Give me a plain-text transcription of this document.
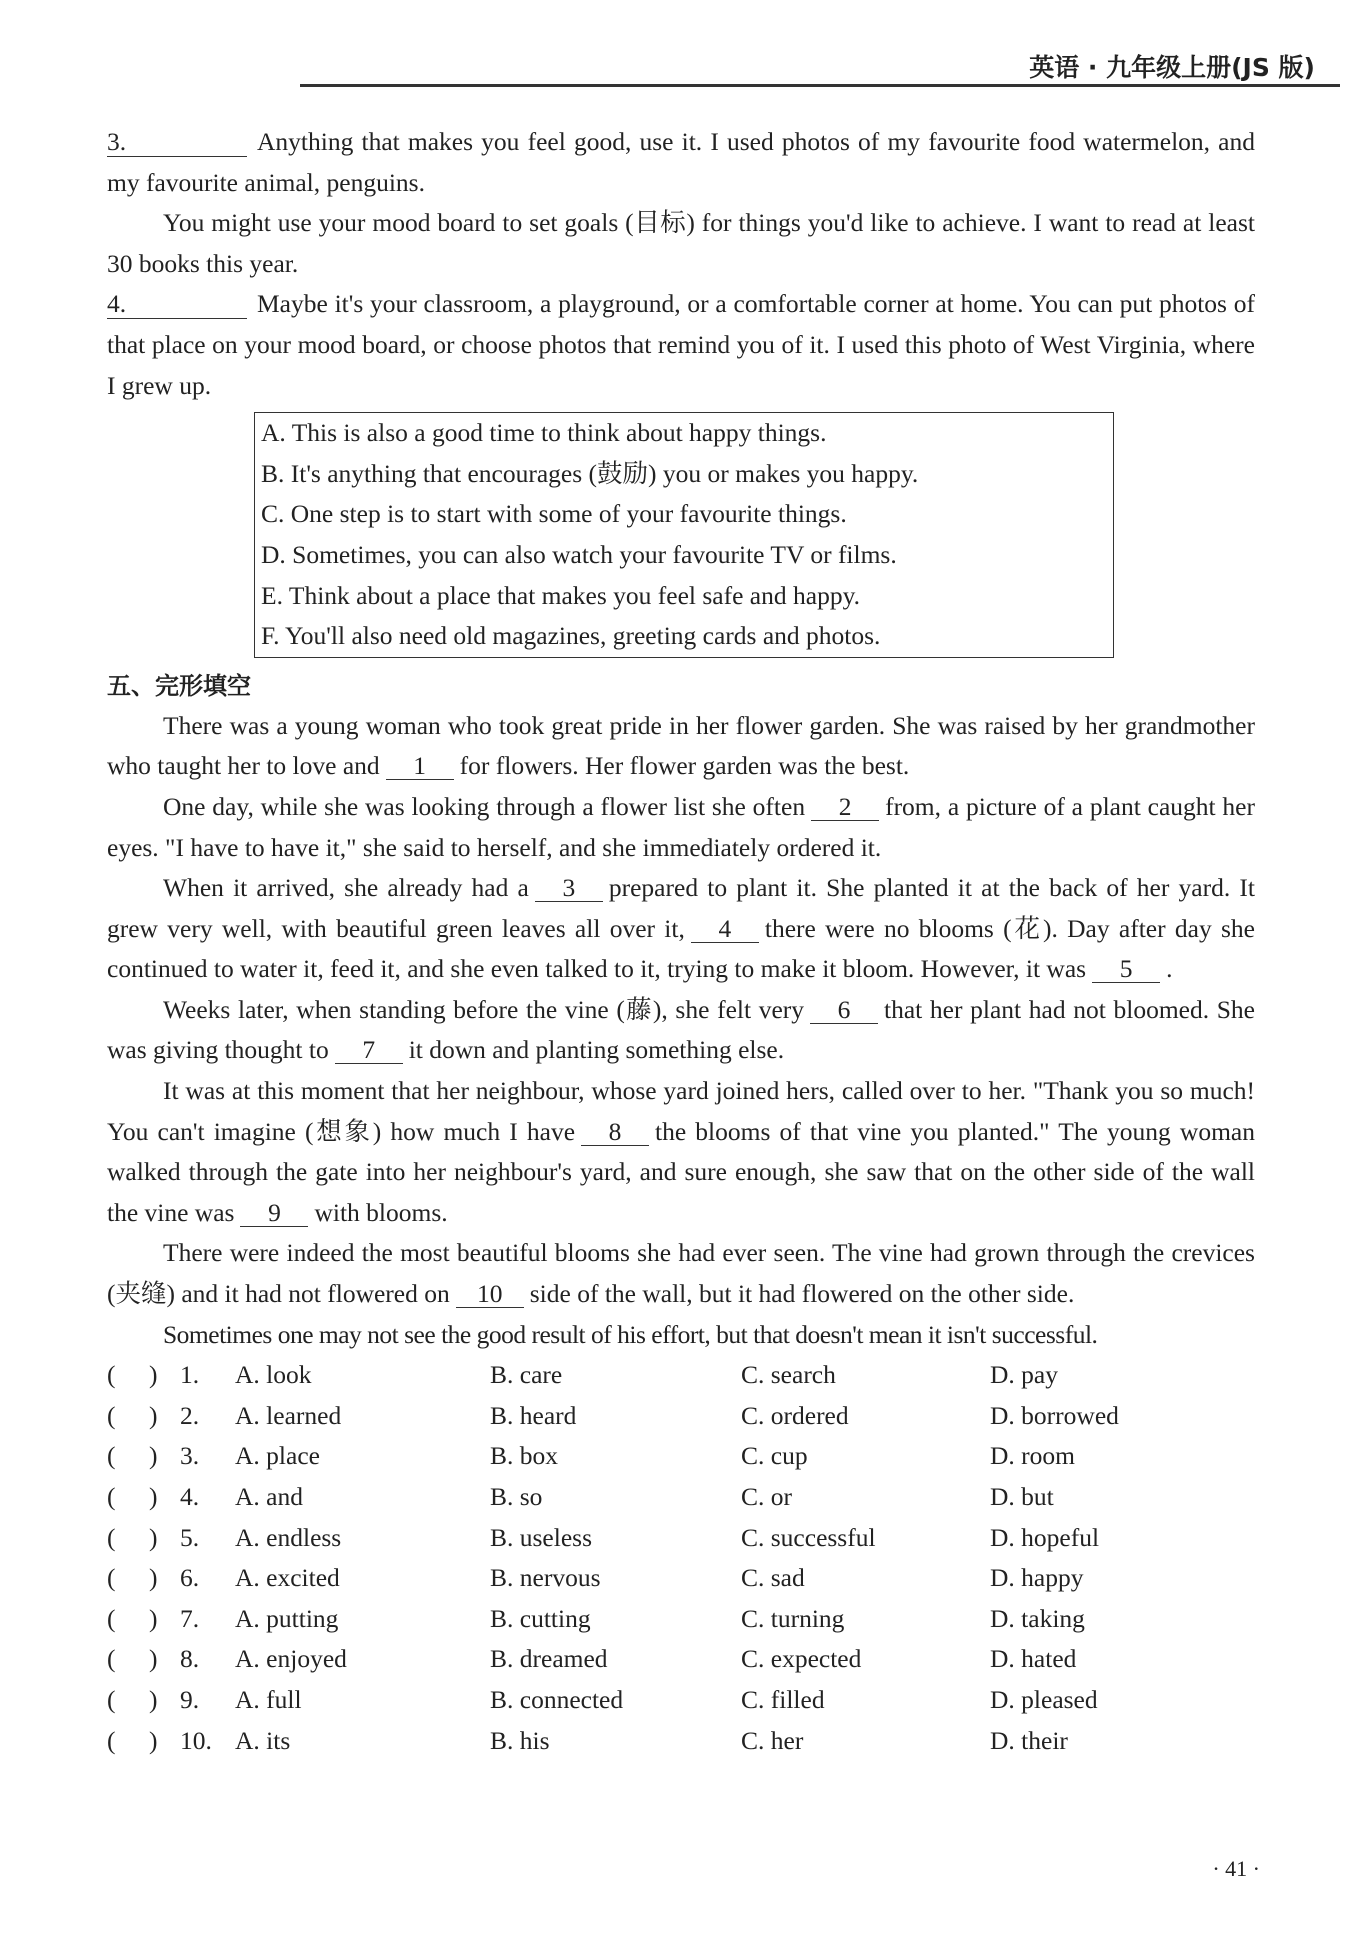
英语 · 九年级上册(JS 版)

3.	Anything that makes you feel good, use it. I used photos of my favourite food watermelon, and my favourite animal, penguins.

You might use your mood board to set goals (目标) for things you'd like to achieve. I want to read at least 30 books this year.

4.	Maybe it's your classroom, a playground, or a comfortable corner at home. You can put photos of that place on your mood board, or choose photos that remind you of it. I used this photo of West Virginia, where I grew up.

A. This is also a good time to think about happy things.
B. It's anything that encourages (鼓励) you or makes you happy.
C. One step is to start with some of your favourite things.
D. Sometimes, you can also watch your favourite TV or films.
E. Think about a place that makes you feel safe and happy.
F. You'll also need old magazines, greeting cards and photos.
五、完形填空

There was a young woman who took great pride in her flower garden. She was raised by her grandmother who taught her to love and 1 for flowers. Her flower garden was the best.

One day, while she was looking through a flower list she often 2 from, a picture of a plant caught her eyes. "I have to have it," she said to herself, and she immediately ordered it.

When it arrived, she already had a 3 prepared to plant it. She planted it at the back of her yard. It grew very well, with beautiful green leaves all over it, 4 there were no blooms (花). Day after day she continued to water it, feed it, and she even talked to it, trying to make it bloom. However, it was 5 .

Weeks later, when standing before the vine (藤), she felt very 6 that her plant had not bloomed. She was giving thought to 7 it down and planting something else.

It was at this moment that her neighbour, whose yard joined hers, called over to her. "Thank you so much! You can't imagine (想象) how much I have 8 the blooms of that vine you planted." The young woman walked through the gate into her neighbour's yard, and sure enough, she saw that on the other side of the wall the vine was 9 with blooms.

There were indeed the most beautiful blooms she had ever seen. The vine had grown through the crevices (夹缝) and it had not flowered on 10 side of the wall, but it had flowered on the other side.

Sometimes one may not see the good result of his effort, but that doesn't mean it isn't successful.

(	1. A. look	B. care	C. search	D. pay
)
(	2. A. learned	B. heard	C. ordered	D. borrowed
)
(	3. A. place	B. box	C. cup	D. room
)
(	4. A. and	B. so	C. or	D. but
)
(	5. A. endless	B. useless	C. successful	D. hopeful
)
(	6. A. excited	B. nervous	C. sad	D. happy
)
(	7. A. putting	B. cutting	C. turning	D. taking
)
(	8. A. enjoyed	B. dreamed	C. expected	D. hated
)
(	9. A. full	B. connected	C. filled	D. pleased
)
(	10. A. its	B. his	C. her	D. their
)
· 41 ·
